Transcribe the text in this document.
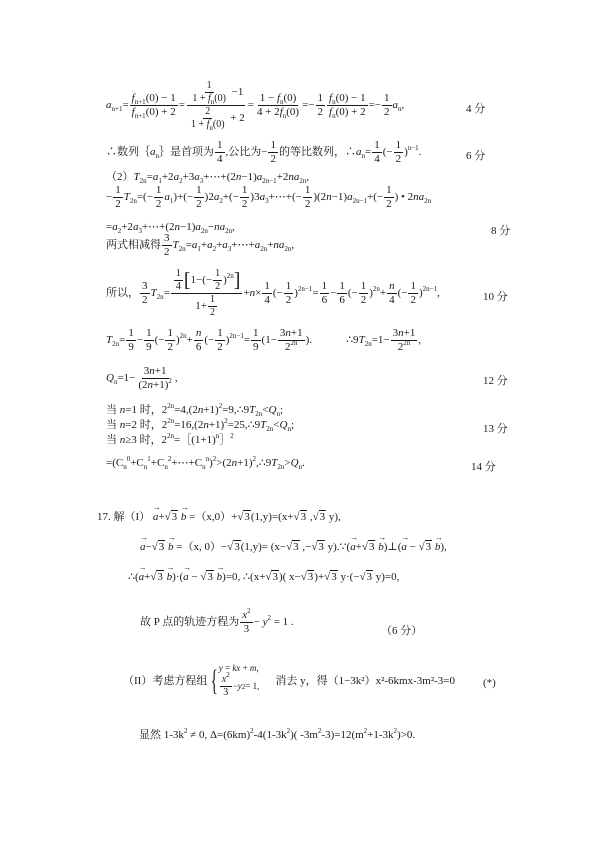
$a_{n+1}= \frac{f_{n+1}(0) - 1}{f_{n+1}(0) + 2} = \frac{\frac{1}{1 + f_n(0)} -1}{\frac{2}{1 + f_n(0)} + 2} = \frac{1 - f_n(0)}{4 + 2f_n(0)} =- \frac{1}{2} \frac{f_n(0) - 1}{f_n(0) + 2} =- \frac{1}{2} a_n$,	4 分
∴数列｛ $a_n$ ｝是首项为 $\frac{1}{4}$ ,公比为− $\frac{1}{2}$ 的等比数列，∴ $a_n= \frac{1}{4}$ (− $\frac{1}{2} )^{n-1}$.	6 分
$(2)T_{2n}=a_1+2a_2+3a_3+\cdots+(2n-1)a_{2n-1}+2na_{2n}$,
− $\frac{1}{2} T_{2n}=(- \frac{1}{2} a_1)+(- \frac{1}{2} )2a_2+(- \frac{1}{2}$ )$3a_3+\cdots+(- \frac{1}{2} )(2n-1)a_{2n-1}+(- \frac{1}{2}$ ) • $2na_{2n}$
$=a_2+2a_3+\cdots+(2n-1)a_{2n}-na_{2n}$,	8 分
两式相减得 $\frac{3}{2}$ $T_{2n}=a_1+a_2+a_3+\cdots+a_{2n}+na_{2n}$,
所以， $\frac{3}{2} T_{2n}= \frac{\frac{1}{4} [1-(- \frac{1}{2} )^{2n}]}{1+ \frac{1}{2}} +n\times \frac{1}{4}$ (− $\frac{1}{2} )^{2n-1}= \frac{1}{6} - \frac{1}{6}$ (− $\frac{1}{2} )^{2n}+ \frac{n}{4}$ (− $\frac{1}{2} )^{2n-1}$,	10 分
$T_{2n}= \frac{1}{9} - \frac{1}{9}$ (− $\frac{1}{2} )^{2n}+ \frac{n}{6}$ (− $\frac{1}{2} )^{2n-1}= \frac{1}{9} (1- \frac{3n+1}{2^{2n}}$ ).	$\therefore 9T_{2n}=1- \frac{3n+1}{2^{2n}}$ ,
$Q_n=1- \frac{3n+1}{(2n+1)^2}$ ,	12 分
当 n=1 时，$2^{2n}=4,(2n+1)^2=9,\therefore 9T_{2n}<Q_n$;
当 n=2 时，$2^{2n}=16,(2n+1)^2=25,\therefore 9T_{2n}<Q_n$;	13 分
当 n≥3 时，$2^{2n}=[(1+1)^n]^2$
$=(C_n^0+C_n^1+C_n^2+\cdots+C_n^n)^2>(2n+1)^2,\therefore 9T_{2n}>Q_n$.	14 分
17. 解（I） → a+√3 → b =（x,0）+√3(1,y)=(x+√3 ,√3 y),
→ a−√3 → b =（x, 0）−√3(1,y)= (x−√3 ,−√3 y).∵(→ a+√3 → b)⊥(→ a − √3 → b),
∴(→ a+√3 → b)·(→ a − √3 → b)=0, ∴(x+√3)( x−√3)+√3 y·(−√3 y)=0,
故 P 点的轨迹方程为 $\frac{x^2}{3} - y^2 = 1$ .
（6 分）
（II） 考虑方程组 { y = kx + m,
$\frac{x^2}{3} - y$ 2 = 1, 消去 y，得（1−3k²）x²-6kmx-3m²-3=0	(*)
显然 $1-3k^2 \ne 0$, $\Delta=(6km)^2-4(1-3k^2)$( $-3m^2-3)=12(m^2+1-3k^2)>0$.
